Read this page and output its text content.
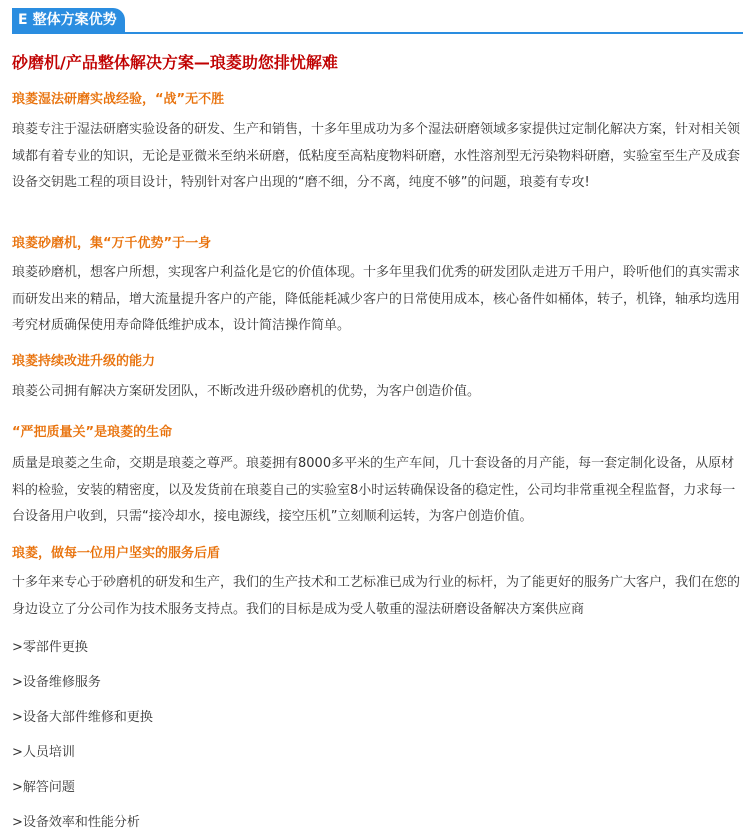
E 整体方案优势
砂磨机/产品整体解决方案—琅菱助您排忧解难
琅菱湿法研磨实战经验，“战”无不胜

琅菱专注于湿法研磨实验设备的研发、生产和销售，十多年里成功为多个湿法研磨领域多家提供过定制化解决方案，针对相关领域都有着专业的知识，无论是亚微米至纳米研磨，低粘度至高粘度物料研磨，水性溶剂型无污染物料研磨，实验室至生产及成套设备交钥匙工程的项目设计，特别针对客户出现的“磨不细，分不离，纯度不够”的问题，琅菱有专攻!

琅菱砂磨机，集“万千优势”于一身

琅菱砂磨机，想客户所想，实现客户利益化是它的价值体现。十多年里我们优秀的研发团队走进万千用户，聆听他们的真实需求而研发出来的精品，增大流量提升客户的产能，降低能耗减少客户的日常使用成本，核心备件如桶体，转子，机锋，轴承均选用考究材质确保使用寿命降低维护成本，设计简洁操作简单。

琅菱持续改进升级的能力

琅菱公司拥有解决方案研发团队，不断改进升级砂磨机的优势，为客户创造价值。

“严把质量关”是琅菱的生命

质量是琅菱之生命，交期是琅菱之尊严。琅菱拥有8000多平米的生产车间，几十套设备的月产能，每一套定制化设备，从原材料的检验，安装的精密度，以及发货前在琅菱自己的实验室8小时运转确保设备的稳定性，公司均非常重视全程监督，力求每一台设备用户收到，只需“接冷却水，接电源线，接空压机”立刻顺利运转，为客户创造价值。

琅菱，做每一位用户坚实的服务后盾

十多年来专心于砂磨机的研发和生产，我们的生产技术和工艺标准已成为行业的标杆，为了能更好的服务广大客户，我们在您的身边设立了分公司作为技术服务支持点。我们的目标是成为受人敬重的湿法研磨设备解决方案供应商

>零部件更换
>设备维修服务
>设备大部件维修和更换
>人员培训
>解答问题
>设备效率和性能分析
